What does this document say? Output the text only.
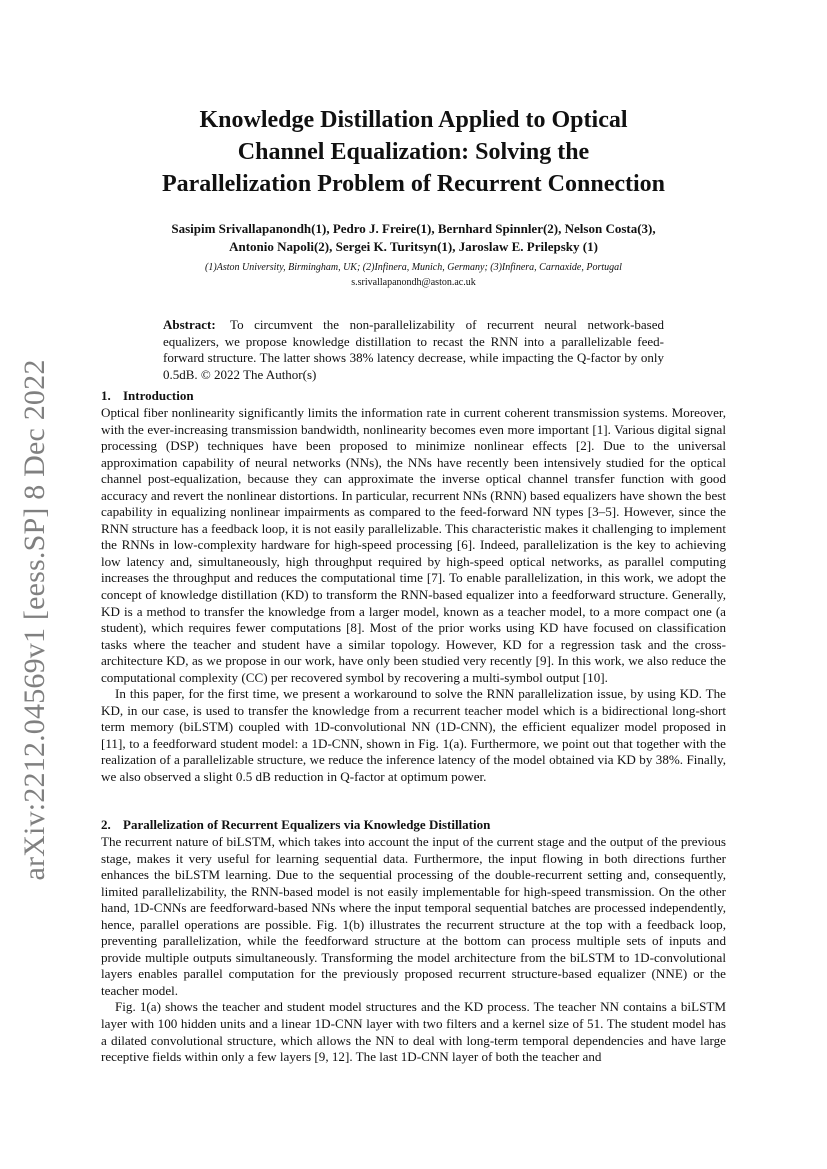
arXiv:2212.04569v1 [eess.SP] 8 Dec 2022
Knowledge Distillation Applied to Optical
Channel Equalization: Solving the
Parallelization Problem of Recurrent Connection
Sasipim Srivallapanondh(1), Pedro J. Freire(1), Bernhard Spinnler(2), Nelson Costa(3),
Antonio Napoli(2), Sergei K. Turitsyn(1), Jaroslaw E. Prilepsky (1)
(1)Aston University, Birmingham, UK; (2)Infinera, Munich, Germany; (3)Infinera, Carnaxide, Portugal
s.srivallapanondh@aston.ac.uk
Abstract: To circumvent the non-parallelizability of recurrent neural network-based equalizers, we propose knowledge distillation to recast the RNN into a parallelizable feed-forward structure. The latter shows 38% latency decrease, while impacting the Q-factor by only 0.5dB. © 2022 The Author(s)
1. Introduction

Optical fiber nonlinearity significantly limits the information rate in current coherent transmission systems. Moreover, with the ever-increasing transmission bandwidth, nonlinearity becomes even more important [1]. Various digital signal processing (DSP) techniques have been proposed to minimize nonlinear effects [2]. Due to the universal approximation capability of neural networks (NNs), the NNs have recently been intensively studied for the optical channel post-equalization, because they can approximate the inverse optical channel transfer function with good accuracy and revert the nonlinear distortions. In particular, recurrent NNs (RNN) based equalizers have shown the best capability in equalizing nonlinear impairments as compared to the feed-forward NN types [3–5]. However, since the RNN structure has a feedback loop, it is not easily parallelizable. This characteristic makes it challenging to implement the RNNs in low-complexity hardware for high-speed processing [6]. Indeed, parallelization is the key to achieving low latency and, simultaneously, high throughput required by high-speed optical networks, as parallel computing increases the throughput and reduces the computational time [7]. To enable parallelization, in this work, we adopt the concept of knowledge distillation (KD) to transform the RNN-based equalizer into a feedforward structure. Generally, KD is a method to transfer the knowledge from a larger model, known as a teacher model, to a more compact one (a student), which requires fewer computations [8]. Most of the prior works using KD have focused on classification tasks where the teacher and student have a similar topology. However, KD for a regression task and the cross-architecture KD, as we propose in our work, have only been studied very recently [9]. In this work, we also reduce the computational complexity (CC) per recovered symbol by recovering a multi-symbol output [10].

In this paper, for the first time, we present a workaround to solve the RNN parallelization issue, by using KD. The KD, in our case, is used to transfer the knowledge from a recurrent teacher model which is a bidirectional long-short term memory (biLSTM) coupled with 1D-convolutional NN (1D-CNN), the efficient equalizer model proposed in [11], to a feedforward student model: a 1D-CNN, shown in Fig. 1(a). Furthermore, we point out that together with the realization of a parallelizable structure, we reduce the inference latency of the model obtained via KD by 38%. Finally, we also observed a slight 0.5 dB reduction in Q-factor at optimum power.

2. Parallelization of Recurrent Equalizers via Knowledge Distillation

The recurrent nature of biLSTM, which takes into account the input of the current stage and the output of the previous stage, makes it very useful for learning sequential data. Furthermore, the input flowing in both directions further enhances the biLSTM learning. Due to the sequential processing of the double-recurrent setting and, consequently, limited parallelizability, the RNN-based model is not easily implementable for high-speed transmission. On the other hand, 1D-CNNs are feedforward-based NNs where the input temporal sequential batches are processed independently, hence, parallel operations are possible. Fig. 1(b) illustrates the recurrent structure at the top with a feedback loop, preventing parallelization, while the feedforward structure at the bottom can process multiple sets of inputs and provide multiple outputs simultaneously. Transforming the model architecture from the biLSTM to 1D-convolutional layers enables parallel computation for the previously proposed recurrent structure-based equalizer (NNE) or the teacher model.

Fig. 1(a) shows the teacher and student model structures and the KD process. The teacher NN contains a biLSTM layer with 100 hidden units and a linear 1D-CNN layer with two filters and a kernel size of 51. The student model has a dilated convolutional structure, which allows the NN to deal with long-term temporal dependencies and have large receptive fields within only a few layers [9, 12]. The last 1D-CNN layer of both the teacher and
